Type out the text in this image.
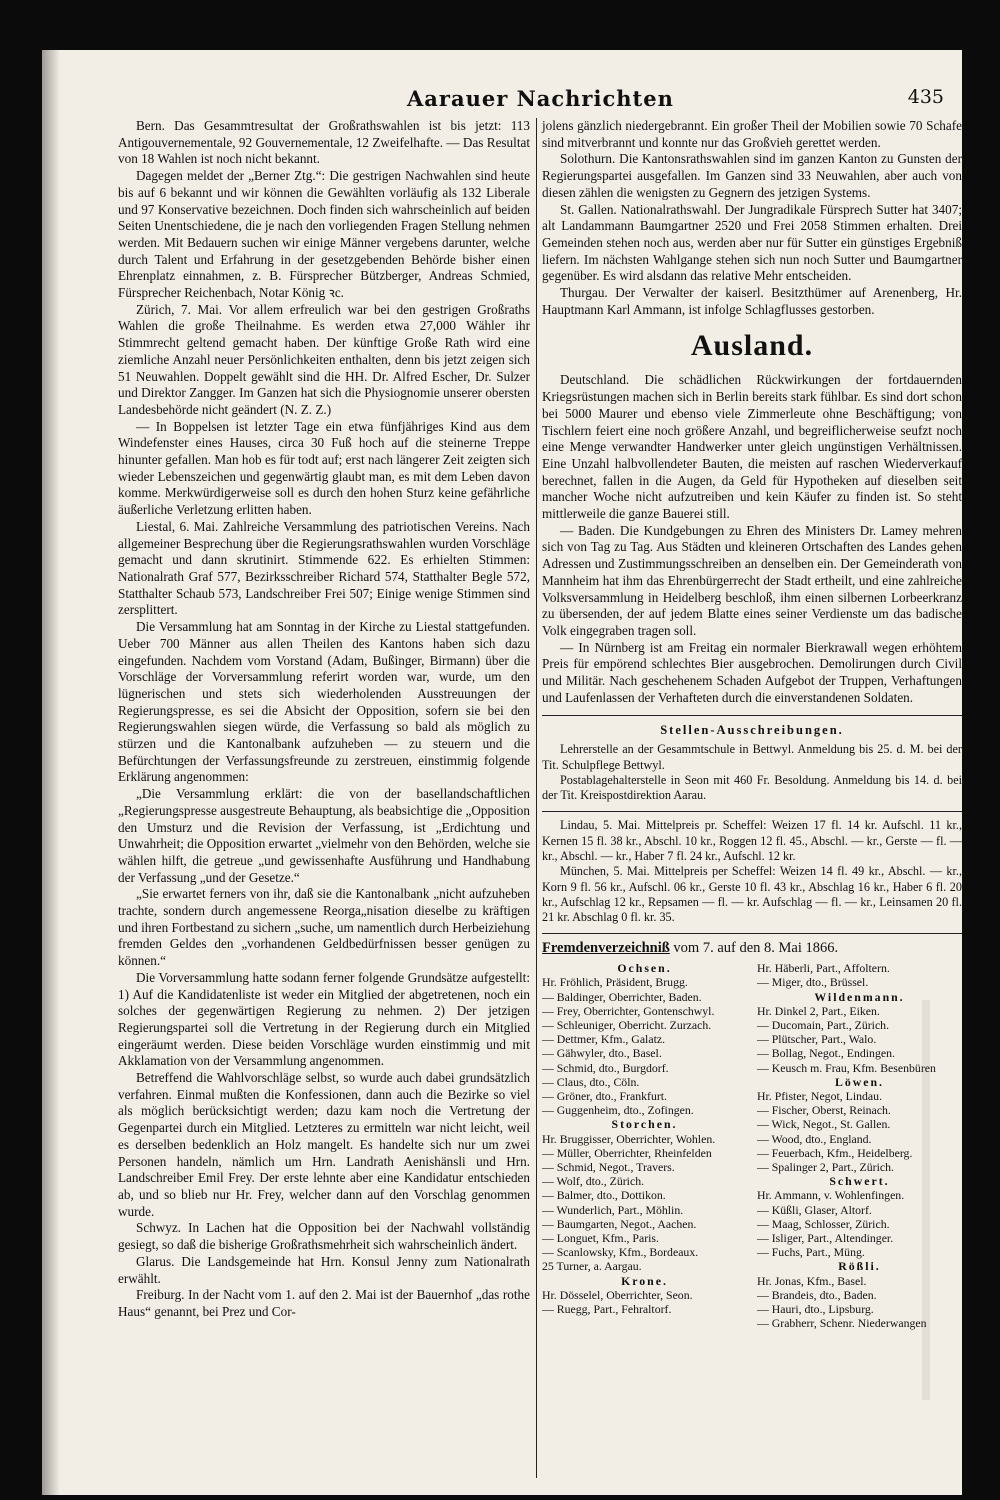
Aarauer Nachrichten	435

Bern. Das Gesammtresultat der Großrathswahlen ist bis jetzt: 113 Antigouvernementale, 92 Gouvernementale, 12 Zweifelhafte. — Das Resultat von 18 Wahlen ist noch nicht bekannt.

Dagegen meldet der „Berner Ztg.“: Die gestrigen Nachwahlen sind heute bis auf 6 bekannt und wir können die Gewählten vorläufig als 132 Liberale und 97 Konservative bezeichnen. Doch finden sich wahrscheinlich auf beiden Seiten Unentschiedene, die je nach den vorliegenden Fragen Stellung nehmen werden. Mit Bedauern suchen wir einige Männer vergebens darunter, welche durch Talent und Erfahrung in der gesetzgebenden Behörde bisher einen Ehrenplatz einnahmen, z. B. Fürsprecher Bützberger, Andreas Schmied, Fürsprecher Reichenbach, Notar König ꝛc.

Zürich, 7. Mai. Vor allem erfreulich war bei den gestrigen Großraths Wahlen die große Theilnahme. Es werden etwa 27,000 Wähler ihr Stimmrecht geltend gemacht haben. Der künftige Große Rath wird eine ziemliche Anzahl neuer Persönlichkeiten enthalten, denn bis jetzt zeigen sich 51 Neuwahlen. Doppelt gewählt sind die HH. Dr. Alfred Escher, Dr. Sulzer und Direktor Zangger. Im Ganzen hat sich die Physiognomie unserer obersten Landesbehörde nicht geändert (N. Z. Z.)

— In Boppelsen ist letzter Tage ein etwa fünfjähriges Kind aus dem Windefenster eines Hauses, circa 30 Fuß hoch auf die steinerne Treppe hinunter gefallen. Man hob es für todt auf; erst nach längerer Zeit zeigten sich wieder Lebenszeichen und gegenwärtig glaubt man, es mit dem Leben davon komme. Merkwürdigerweise soll es durch den hohen Sturz keine gefährliche äußerliche Verletzung erlitten haben.

Liestal, 6. Mai. Zahlreiche Versammlung des patriotischen Vereins. Nach allgemeiner Besprechung über die Regierungsrathswahlen wurden Vorschläge gemacht und dann skrutinirt. Stimmende 622. Es erhielten Stimmen: Nationalrath Graf 577, Bezirksschreiber Richard 574, Statthalter Begle 572, Statthalter Schaub 573, Landschreiber Frei 507; Einige wenige Stimmen sind zersplittert.

Die Versammlung hat am Sonntag in der Kirche zu Liestal stattgefunden. Ueber 700 Männer aus allen Theilen des Kantons haben sich dazu eingefunden. Nachdem vom Vorstand (Adam, Bußinger, Birmann) über die Vorschläge der Vorversammlung referirt worden war, wurde, um den lügnerischen und stets sich wiederholenden Ausstreuungen der Regierungspresse, es sei die Absicht der Opposition, sofern sie bei den Regierungswahlen siegen würde, die Verfassung so bald als möglich zu stürzen und die Kantonalbank aufzuheben — zu steuern und die Befürchtungen der Verfassungsfreunde zu zerstreuen, einstimmig folgende Erklärung angenommen:

„Die Versammlung erklärt: die von der basellandschaftlichen „Regierungspresse ausgestreute Behauptung, als beabsichtige die „Opposition den Umsturz und die Revision der Verfassung, ist „Erdichtung und Unwahrheit; die Opposition erwartet „vielmehr von den Behörden, welche sie wählen hilft, die getreue „und gewissenhafte Ausführung und Handhabung der Verfassung „und der Gesetze.“

„Sie erwartet ferners von ihr, daß sie die Kantonalbank „nicht aufzuheben trachte, sondern durch angemessene Reorga„nisation dieselbe zu kräftigen und ihren Fortbestand zu sichern „suche, um namentlich durch Herbeiziehung fremden Geldes den „vorhandenen Geldbedürfnissen besser genügen zu können.“

Die Vorversammlung hatte sodann ferner folgende Grundsätze aufgestellt: 1) Auf die Kandidatenliste ist weder ein Mitglied der abgetretenen, noch ein solches der gegenwärtigen Regierung zu nehmen. 2) Der jetzigen Regierungspartei soll die Vertretung in der Regierung durch ein Mitglied eingeräumt werden. Diese beiden Vorschläge wurden einstimmig und mit Akklamation von der Versammlung angenommen.

Betreffend die Wahlvorschläge selbst, so wurde auch dabei grundsätzlich verfahren. Einmal mußten die Konfessionen, dann auch die Bezirke so viel als möglich berücksichtigt werden; dazu kam noch die Vertretung der Gegenpartei durch ein Mitglied. Letzteres zu ermitteln war nicht leicht, weil es derselben bedenklich an Holz mangelt. Es handelte sich nur um zwei Personen handeln, nämlich um Hrn. Landrath Aenishänsli und Hrn. Landschreiber Emil Frey. Der erste lehnte aber eine Kandidatur entschieden ab, und so blieb nur Hr. Frey, welcher dann auf den Vorschlag genommen wurde.

Schwyz. In Lachen hat die Opposition bei der Nachwahl vollständig gesiegt, so daß die bisherige Großrathsmehrheit sich wahrscheinlich ändert.

Glarus. Die Landsgemeinde hat Hrn. Konsul Jenny zum Nationalrath erwählt.

Freiburg. In der Nacht vom 1. auf den 2. Mai ist der Bauernhof „das rothe Haus“ genannt, bei Prez und Cor-

jolens gänzlich niedergebrannt. Ein großer Theil der Mobilien sowie 70 Schafe sind mitverbrannt und konnte nur das Großvieh gerettet werden.

Solothurn. Die Kantonsrathswahlen sind im ganzen Kanton zu Gunsten der Regierungspartei ausgefallen. Im Ganzen sind 33 Neuwahlen, aber auch von diesen zählen die wenigsten zu Gegnern des jetzigen Systems.

St. Gallen. Nationalrathswahl. Der Jungradikale Fürsprech Sutter hat 3407; alt Landammann Baumgartner 2520 und Frei 2058 Stimmen erhalten. Drei Gemeinden stehen noch aus, werden aber nur für Sutter ein günstiges Ergebniß liefern. Im nächsten Wahlgange stehen sich nun noch Sutter und Baumgartner gegenüber. Es wird alsdann das relative Mehr entscheiden.

Thurgau. Der Verwalter der kaiserl. Besitzthümer auf Arenenberg, Hr. Hauptmann Karl Ammann, ist infolge Schlagflusses gestorben.

Ausland.

Deutschland. Die schädlichen Rückwirkungen der fortdauernden Kriegsrüstungen machen sich in Berlin bereits stark fühlbar. Es sind dort schon bei 5000 Maurer und ebenso viele Zimmerleute ohne Beschäftigung; von Tischlern feiert eine noch größere Anzahl, und begreiflicherweise seufzt noch eine Menge verwandter Handwerker unter gleich ungünstigen Verhältnissen. Eine Unzahl halbvollendeter Bauten, die meisten auf raschen Wiederverkauf berechnet, fallen in die Augen, da Geld für Hypotheken auf dieselben seit mancher Woche nicht aufzutreiben und kein Käufer zu finden ist. So steht mittlerweile die ganze Bauerei still.

— Baden. Die Kundgebungen zu Ehren des Ministers Dr. Lamey mehren sich von Tag zu Tag. Aus Städten und kleineren Ortschaften des Landes gehen Adressen und Zustimmungsschreiben an denselben ein. Der Gemeinderath von Mannheim hat ihm das Ehrenbürgerrecht der Stadt ertheilt, und eine zahlreiche Volksversammlung in Heidelberg beschloß, ihm einen silbernen Lorbeerkranz zu übersenden, der auf jedem Blatte eines seiner Verdienste um das badische Volk eingegraben tragen soll.

— In Nürnberg ist am Freitag ein normaler Bierkrawall wegen erhöhtem Preis für empörend schlechtes Bier ausgebrochen. Demolirungen durch Civil und Militär. Nach geschehenem Schaden Aufgebot der Truppen, Verhaftungen und Laufenlassen der Verhafteten durch die einverstandenen Soldaten.

Stellen-Ausschreibungen.

Lehrerstelle an der Gesammtschule in Bettwyl. Anmeldung bis 25. d. M. bei der Tit. Schulpflege Bettwyl.

Postablagehalterstelle in Seon mit 460 Fr. Besoldung. Anmeldung bis 14. d. bei der Tit. Kreispostdirektion Aarau.

Lindau, 5. Mai. Mittelpreis pr. Scheffel: Weizen 17 fl. 14 kr. Aufschl. 11 kr., Kernen 15 fl. 38 kr., Abschl. 10 kr., Roggen 12 fl. 45., Abschl. — kr., Gerste — fl. — kr., Abschl. — kr., Haber 7 fl. 24 kr., Aufschl. 12 kr.

München, 5. Mai. Mittelpreis per Scheffel: Weizen 14 fl. 49 kr., Abschl. — kr., Korn 9 fl. 56 kr., Aufschl. 06 kr., Gerste 10 fl. 43 kr., Abschlag 16 kr., Haber 6 fl. 20 kr., Aufschlag 12 kr., Repsamen — fl. — kr. Aufschlag — fl. — kr., Leinsamen 20 fl. 21 kr. Abschlag 0 fl. kr. 35.

Fremdenverzeichniß vom 7. auf den 8. Mai 1866.
Ochsen.
Hr. Fröhlich, Präsident, Brugg.
— Baldinger, Oberrichter, Baden.
— Frey, Oberrichter, Gontenschwyl.
— Schleuniger, Oberricht. Zurzach.
— Dettmer, Kfm., Galatz.
— Gähwyler, dto., Basel.
— Schmid, dto., Burgdorf.
— Claus, dto., Cöln.
— Gröner, dto., Frankfurt.
— Guggenheim, dto., Zofingen.
Storchen.
Hr. Bruggisser, Oberrichter, Wohlen.
— Müller, Oberrichter, Rheinfelden
— Schmid, Negot., Travers.
— Wolf, dto., Zürich.
— Balmer, dto., Dottikon.
— Wunderlich, Part., Möhlin.
— Baumgarten, Negot., Aachen.
— Longuet, Kfm., Paris.
— Scanlowsky, Kfm., Bordeaux.
25 Turner, a. Aargau.
Krone.
Hr. Dösselel, Oberrichter, Seon.
— Ruegg, Part., Fehraltorf.
Hr. Häberli, Part., Affoltern.
— Miger, dto., Brüssel.
Wildenmann.
Hr. Dinkel 2, Part., Eiken.
— Ducomain, Part., Zürich.
— Plütscher, Part., Walo.
— Bollag, Negot., Endingen.
— Keusch m. Frau, Kfm. Besenbüren
Löwen.
Hr. Pfister, Negot, Lindau.
— Fischer, Oberst, Reinach.
— Wick, Negot., St. Gallen.
— Wood, dto., England.
— Feuerbach, Kfm., Heidelberg.
— Spalinger 2, Part., Zürich.
Schwert.
Hr. Ammann, v. Wohlenfingen.
— Küßli, Glaser, Altorf.
— Maag, Schlosser, Zürich.
— Isliger, Part., Altendinger.
— Fuchs, Part., Müng.
Rößli.
Hr. Jonas, Kfm., Basel.
— Brandeis, dto., Baden.
— Hauri, dto., Lipsburg.
— Grabherr, Schenr. Niederwangen
